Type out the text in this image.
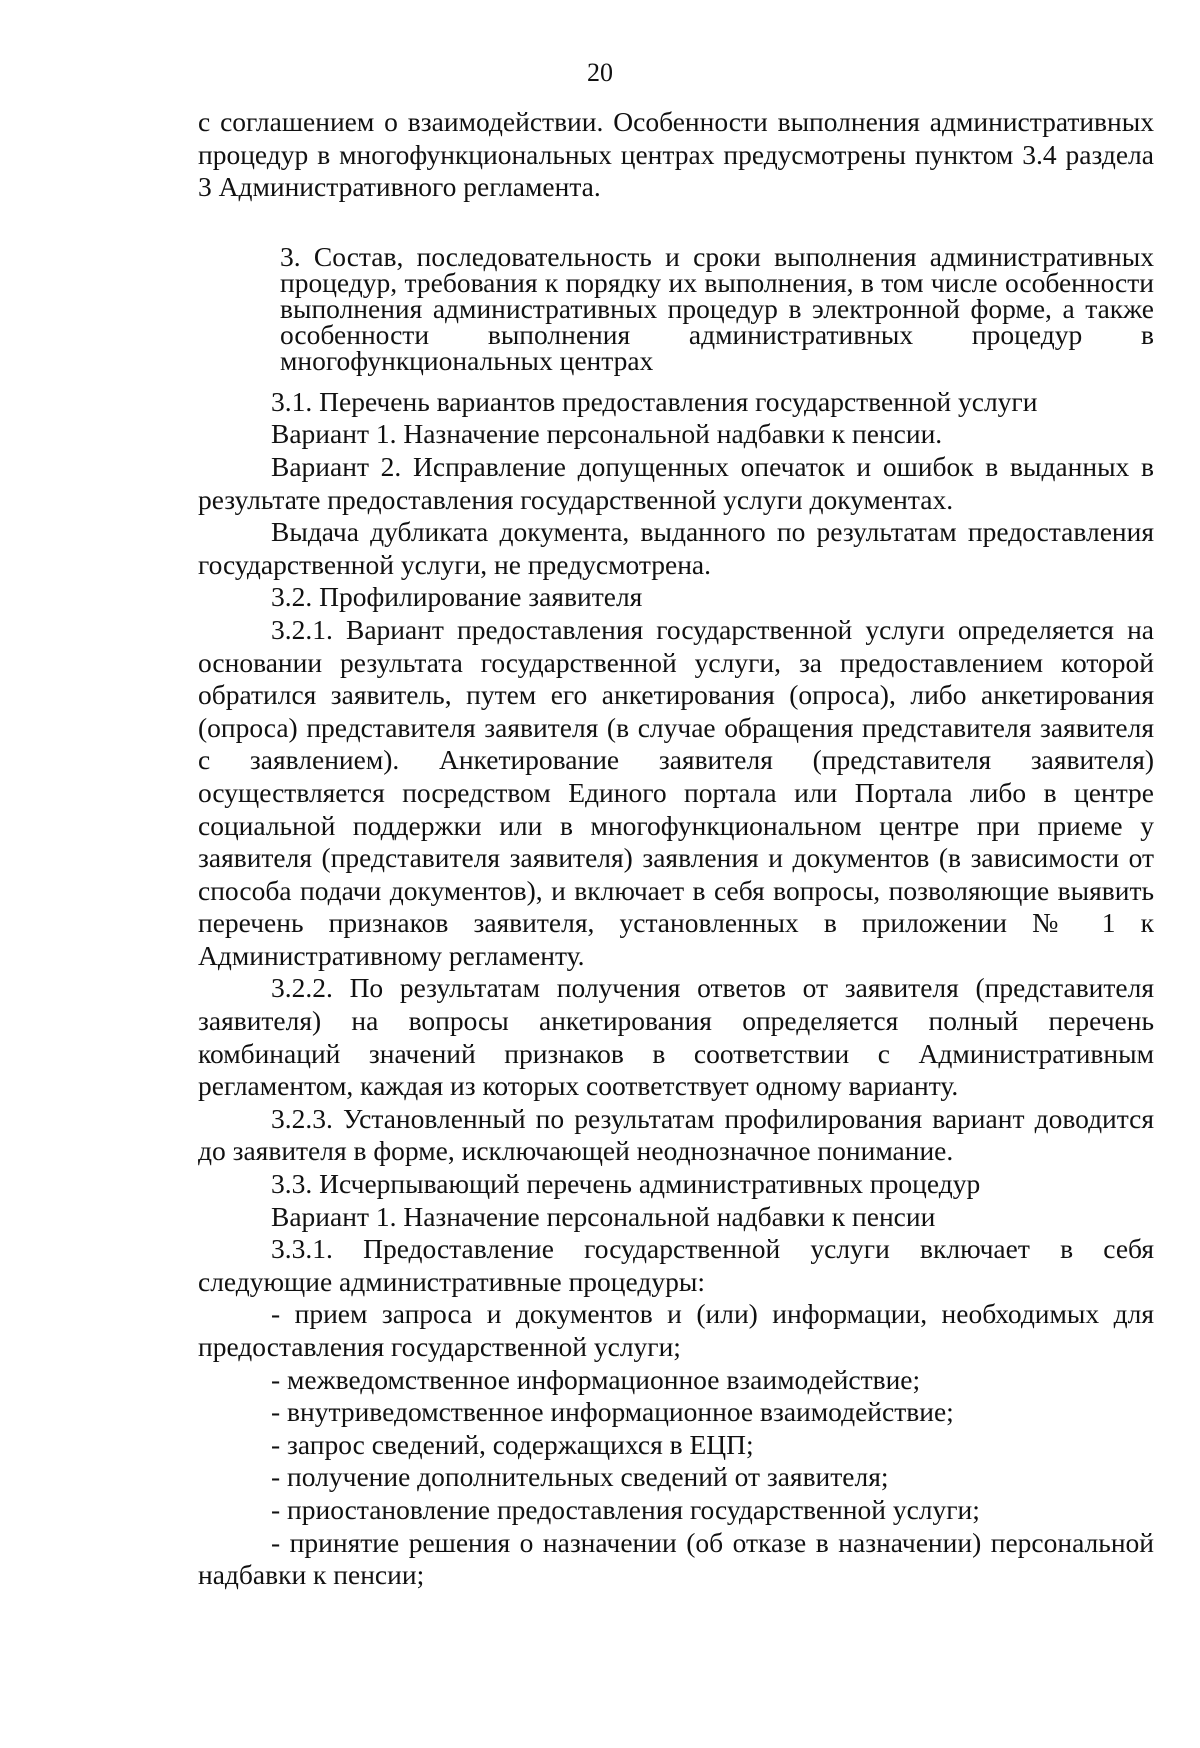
20

с соглашением о взаимодействии. Особенности выполнения административных процедур в многофункциональных центрах предусмотрены пунктом 3.4 раздела 3 Административного регламента.

3. Состав, последовательность и сроки выполнения административных процедур, требования к порядку их выполнения, в том числе особенности выполнения административных процедур в электронной форме, а также особенности выполнения административных процедур в многофункциональных центрах

3.1. Перечень вариантов предоставления государственной услуги

Вариант 1. Назначение персональной надбавки к пенсии.

Вариант 2. Исправление допущенных опечаток и ошибок в выданных в результате предоставления государственной услуги документах.

Выдача дубликата документа, выданного по результатам предоставления государственной услуги, не предусмотрена.

3.2. Профилирование заявителя

3.2.1. Вариант предоставления государственной услуги определяется на основании результата государственной услуги, за предоставлением которой обратился заявитель, путем его анкетирования (опроса), либо анкетирования (опроса) представителя заявителя (в случае обращения представителя заявителя с заявлением). Анкетирование заявителя (представителя заявителя) осуществляется посредством Единого портала или Портала либо в центре социальной поддержки или в многофункциональном центре при приеме у заявителя (представителя заявителя) заявления и документов (в зависимости от способа подачи документов), и включает в себя вопросы, позволяющие выявить перечень признаков заявителя, установленных в приложении № 1 к Административному регламенту.

3.2.2. По результатам получения ответов от заявителя (представителя заявителя) на вопросы анкетирования определяется полный перечень комбинаций значений признаков в соответствии с Административным регламентом, каждая из которых соответствует одному варианту.

3.2.3. Установленный по результатам профилирования вариант доводится до заявителя в форме, исключающей неоднозначное понимание.

3.3. Исчерпывающий перечень административных процедур

Вариант 1. Назначение персональной надбавки к пенсии

3.3.1. Предоставление государственной услуги включает в себя следующие административные процедуры:

- прием запроса и документов и (или) информации, необходимых для предоставления государственной услуги;

- межведомственное информационное взаимодействие;

- внутриведомственное информационное взаимодействие;

- запрос сведений, содержащихся в ЕЦП;

- получение дополнительных сведений от заявителя;

- приостановление предоставления государственной услуги;

- принятие решения о назначении (об отказе в назначении) персональной надбавки к пенсии;
